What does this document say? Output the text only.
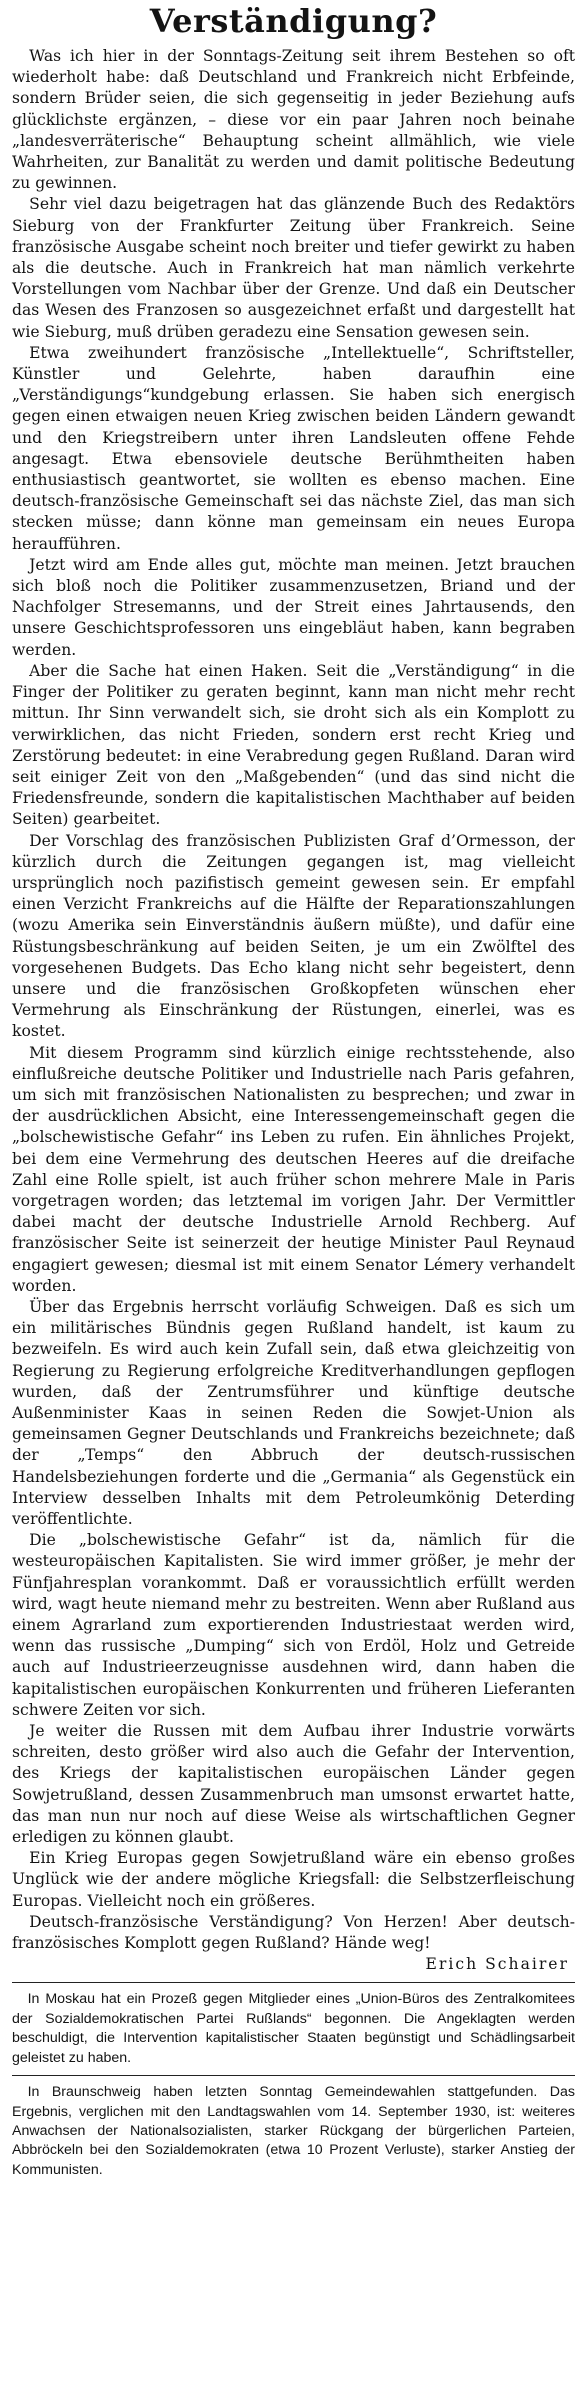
Verständigung?

Was ich hier in der Sonntags-Zeitung seit ihrem Bestehen so oft wiederholt habe: daß Deutschland und Frankreich nicht Erbfeinde, sondern Brüder seien, die sich gegenseitig in jeder Beziehung aufs glücklichste ergänzen, – diese vor ein paar Jahren noch beinahe „landesverräterische“ Behauptung scheint allmählich, wie viele Wahrheiten, zur Banalität zu werden und damit politische Bedeutung zu gewinnen.

Sehr viel dazu beigetragen hat das glänzende Buch des Redaktörs Sieburg von der Frankfurter Zeitung über Frankreich. Seine französische Ausgabe scheint noch breiter und tiefer gewirkt zu haben als die deutsche. Auch in Frankreich hat man nämlich verkehrte Vorstellungen vom Nachbar über der Grenze. Und daß ein Deutscher das Wesen des Franzosen so ausgezeichnet erfaßt und dargestellt hat wie Sieburg, muß drüben geradezu eine Sensation gewesen sein.

Etwa zweihundert französische „Intellektuelle“, Schriftsteller, Künstler und Gelehrte, haben daraufhin eine „Verständigungs“kundgebung erlassen. Sie haben sich energisch gegen einen etwaigen neuen Krieg zwischen beiden Ländern gewandt und den Kriegstreibern unter ihren Landsleuten offene Fehde angesagt. Etwa ebensoviele deutsche Berühmtheiten haben enthusiastisch geantwortet, sie wollten es ebenso machen. Eine deutsch-französische Gemeinschaft sei das nächste Ziel, das man sich stecken müsse; dann könne man gemeinsam ein neues Europa heraufführen.

Jetzt wird am Ende alles gut, möchte man meinen. Jetzt brauchen sich bloß noch die Politiker zusammenzusetzen, Briand und der Nachfolger Stresemanns, und der Streit eines Jahrtausends, den unsere Geschichtsprofessoren uns eingebläut haben, kann begraben werden.

Aber die Sache hat einen Haken. Seit die „Verständigung“ in die Finger der Politiker zu geraten beginnt, kann man nicht mehr recht mittun. Ihr Sinn verwandelt sich, sie droht sich als ein Komplott zu verwirklichen, das nicht Frieden, sondern erst recht Krieg und Zerstörung bedeutet: in eine Verabredung gegen Rußland. Daran wird seit einiger Zeit von den „Maßgebenden“ (und das sind nicht die Friedensfreunde, sondern die kapitalistischen Machthaber auf beiden Seiten) gearbeitet.

Der Vorschlag des französischen Publizisten Graf d’Ormesson, der kürzlich durch die Zeitungen gegangen ist, mag vielleicht ursprünglich noch pazifistisch gemeint gewesen sein. Er empfahl einen Verzicht Frankreichs auf die Hälfte der Reparationszahlungen (wozu Amerika sein Einverständnis äußern müßte), und dafür eine Rüstungsbeschränkung auf beiden Seiten, je um ein Zwölftel des vorgesehenen Budgets. Das Echo klang nicht sehr begeistert, denn unsere und die französischen Großkopfeten wünschen eher Vermehrung als Einschränkung der Rüstungen, einerlei, was es kostet.

Mit diesem Programm sind kürzlich einige rechtsstehende, also einflußreiche deutsche Politiker und Industrielle nach Paris gefahren, um sich mit französischen Nationalisten zu besprechen; und zwar in der ausdrücklichen Absicht, eine Interessengemeinschaft gegen die „bolschewistische Gefahr“ ins Leben zu rufen. Ein ähnliches Projekt, bei dem eine Vermehrung des deutschen Heeres auf die dreifache Zahl eine Rolle spielt, ist auch früher schon mehrere Male in Paris vorgetragen worden; das letztemal im vorigen Jahr. Der Vermittler dabei macht der deutsche Industrielle Arnold Rechberg. Auf französischer Seite ist seinerzeit der heutige Minister Paul Reynaud engagiert gewesen; diesmal ist mit einem Senator Lémery verhandelt worden.

Über das Ergebnis herrscht vorläufig Schweigen. Daß es sich um ein militärisches Bündnis gegen Rußland handelt, ist kaum zu bezweifeln. Es wird auch kein Zufall sein, daß etwa gleichzeitig von Regierung zu Regierung erfolgreiche Kreditverhandlungen gepflogen wurden, daß der Zentrumsführer und künftige deutsche Außenminister Kaas in seinen Reden die Sowjet-Union als gemeinsamen Gegner Deutschlands und Frankreichs bezeichnete; daß der „Temps“ den Abbruch der deutsch-russischen Handelsbeziehungen forderte und die „Germania“ als Gegenstück ein Interview desselben Inhalts mit dem Petroleumkönig Deterding veröffentlichte.

Die „bolschewistische Gefahr“ ist da, nämlich für die westeuropäischen Kapitalisten. Sie wird immer größer, je mehr der Fünfjahresplan vorankommt. Daß er voraussichtlich erfüllt werden wird, wagt heute niemand mehr zu bestreiten. Wenn aber Rußland aus einem Agrarland zum exportierenden Industriestaat werden wird, wenn das russische „Dumping“ sich von Erdöl, Holz und Getreide auch auf Industrieerzeugnisse ausdehnen wird, dann haben die kapitalistischen europäischen Konkurrenten und früheren Lieferanten schwere Zeiten vor sich.

Je weiter die Russen mit dem Aufbau ihrer Industrie vorwärts schreiten, desto größer wird also auch die Gefahr der Intervention, des Kriegs der kapitalistischen europäischen Länder gegen Sowjetrußland, dessen Zusammenbruch man umsonst erwartet hatte, das man nun nur noch auf diese Weise als wirtschaftlichen Gegner erledigen zu können glaubt.

Ein Krieg Europas gegen Sowjetrußland wäre ein ebenso großes Unglück wie der andere mögliche Kriegsfall: die Selbstzerfleischung Europas. Vielleicht noch ein größeres.

Deutsch-französische Verständigung? Von Herzen! Aber deutsch-französisches Komplott gegen Rußland? Hände weg!

Erich Schairer

In Moskau hat ein Prozeß gegen Mitglieder eines „Union-Büros des Zentralkomitees der Sozialdemokratischen Partei Rußlands“ begonnen. Die Angeklagten werden beschuldigt, die Intervention kapitalistischer Staaten begünstigt und Schädlingsarbeit geleistet zu haben.

In Braunschweig haben letzten Sonntag Gemeindewahlen stattgefunden. Das Ergebnis, verglichen mit den Landtagswahlen vom 14. September 1930, ist: weiteres Anwachsen der Nationalsozialisten, starker Rückgang der bürgerlichen Parteien, Abbröckeln bei den Sozialdemokraten (etwa 10 Prozent Verluste), starker Anstieg der Kommunisten.
